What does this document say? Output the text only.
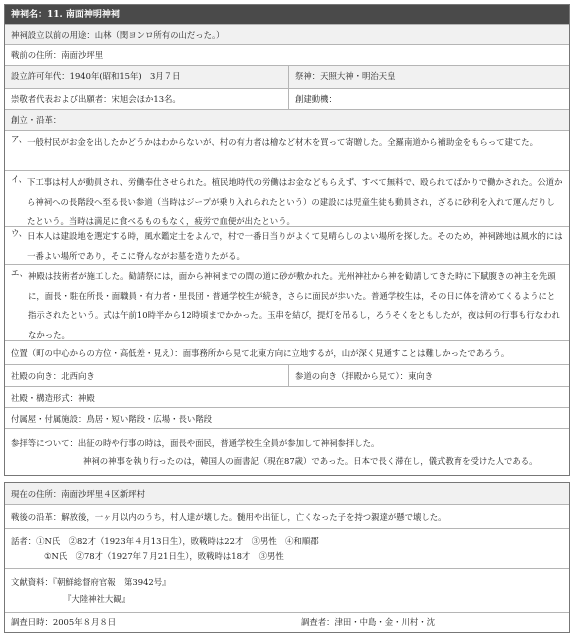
神祠名：11. 南面神明神祠
神祠設立以前の用途：山林（閔ヨンロ所有の山だった。）
戦前の住所：南面沙坪里
設立許可年代：1940年(昭和15年)　3月７日	祭神：天照大神・明治天皇
崇敬者代表および出願者：宋旭会ほか13名。	創建動機：
創立・沿革：
ア、 一般村民がお金を出したかどうかはわからないが、村の有力者は檜など材木を買って寄贈した。全羅南道から補助金をもらって建てた。
イ、 下工事は村人が動員され、労働奉仕させられた。植民地時代の労働はお金などもらえず、すべて無料で、殴られてばかりで働かされた。公道から神祠への長階段へ至る長い参道（当時はジープが乗り入れられたという）の建設には児童生徒も動員され，ざるに砂利を入れて運んだりしたという。当時は満足に食べるものもなく，疲労で血便が出たという。
ウ、 日本人は建設地を選定する時，風水鑑定士をよんで，村で一番日当りがよくて見晴らしのよい場所を探した。そのため，神祠跡地は風水的には一番よい場所であり，そこに脊んながお墓を造りたがる。
エ、 神殿は技術者が施工した。勧請祭には，面から神祠までの間の道に砂が敷かれた。光州神社から神を勧請してきた時に下賦腹きの神主を先頭に，面長・駐在所長・面職員・有力者・里長団・普通学校生が続き，さらに面民が歩いた。普通学校生は，その日に体を清めてくるようにと指示されたという。式は午前10時半から12時頃までかかった。玉串を結び，提灯を吊るし，ろうそくをともしたが，夜は何の行事も行なわれなかった。
位置（町の中心からの方位・高低差・見え）：面事務所から見て北東方向に立地するが，山が深く見通すことは難しかったであろう。
社殿の向き：北西向き	参道の向き（拝殿から見て）：東向き
社殿・構造形式：神殿
付属屋・付属施設：鳥居・短い階段・広場・長い階段
参拝等について：出征の時や行事の時は，面長や面民，普通学校生全員が参加して神祠参拝した。
神祠の神事を執り行ったのは，韓国人の面書記（現在87歳）であった。日本で長く滞在し，儀式教育を受けた人である。
現在の住所：南面沙坪里４区新坪村
戦後の沿革：解放後，一ヶ月以内のうち，村人達が壊した。髄用や出征し，亡くなった子を持つ親達が懸で壊した。
話者：①N氏　②82才（1923年４月13日生），敗戦時は22才　③男性　④和順郡
①N氏　②78才（1927年７月21日生），敗戦時は18才　③男性
文献資料：『朝鮮総督府官報　第3942号』
『大陸神社大観』
調査日時：2005年８月８日	調査者：津田・中島・金・川村・沈
